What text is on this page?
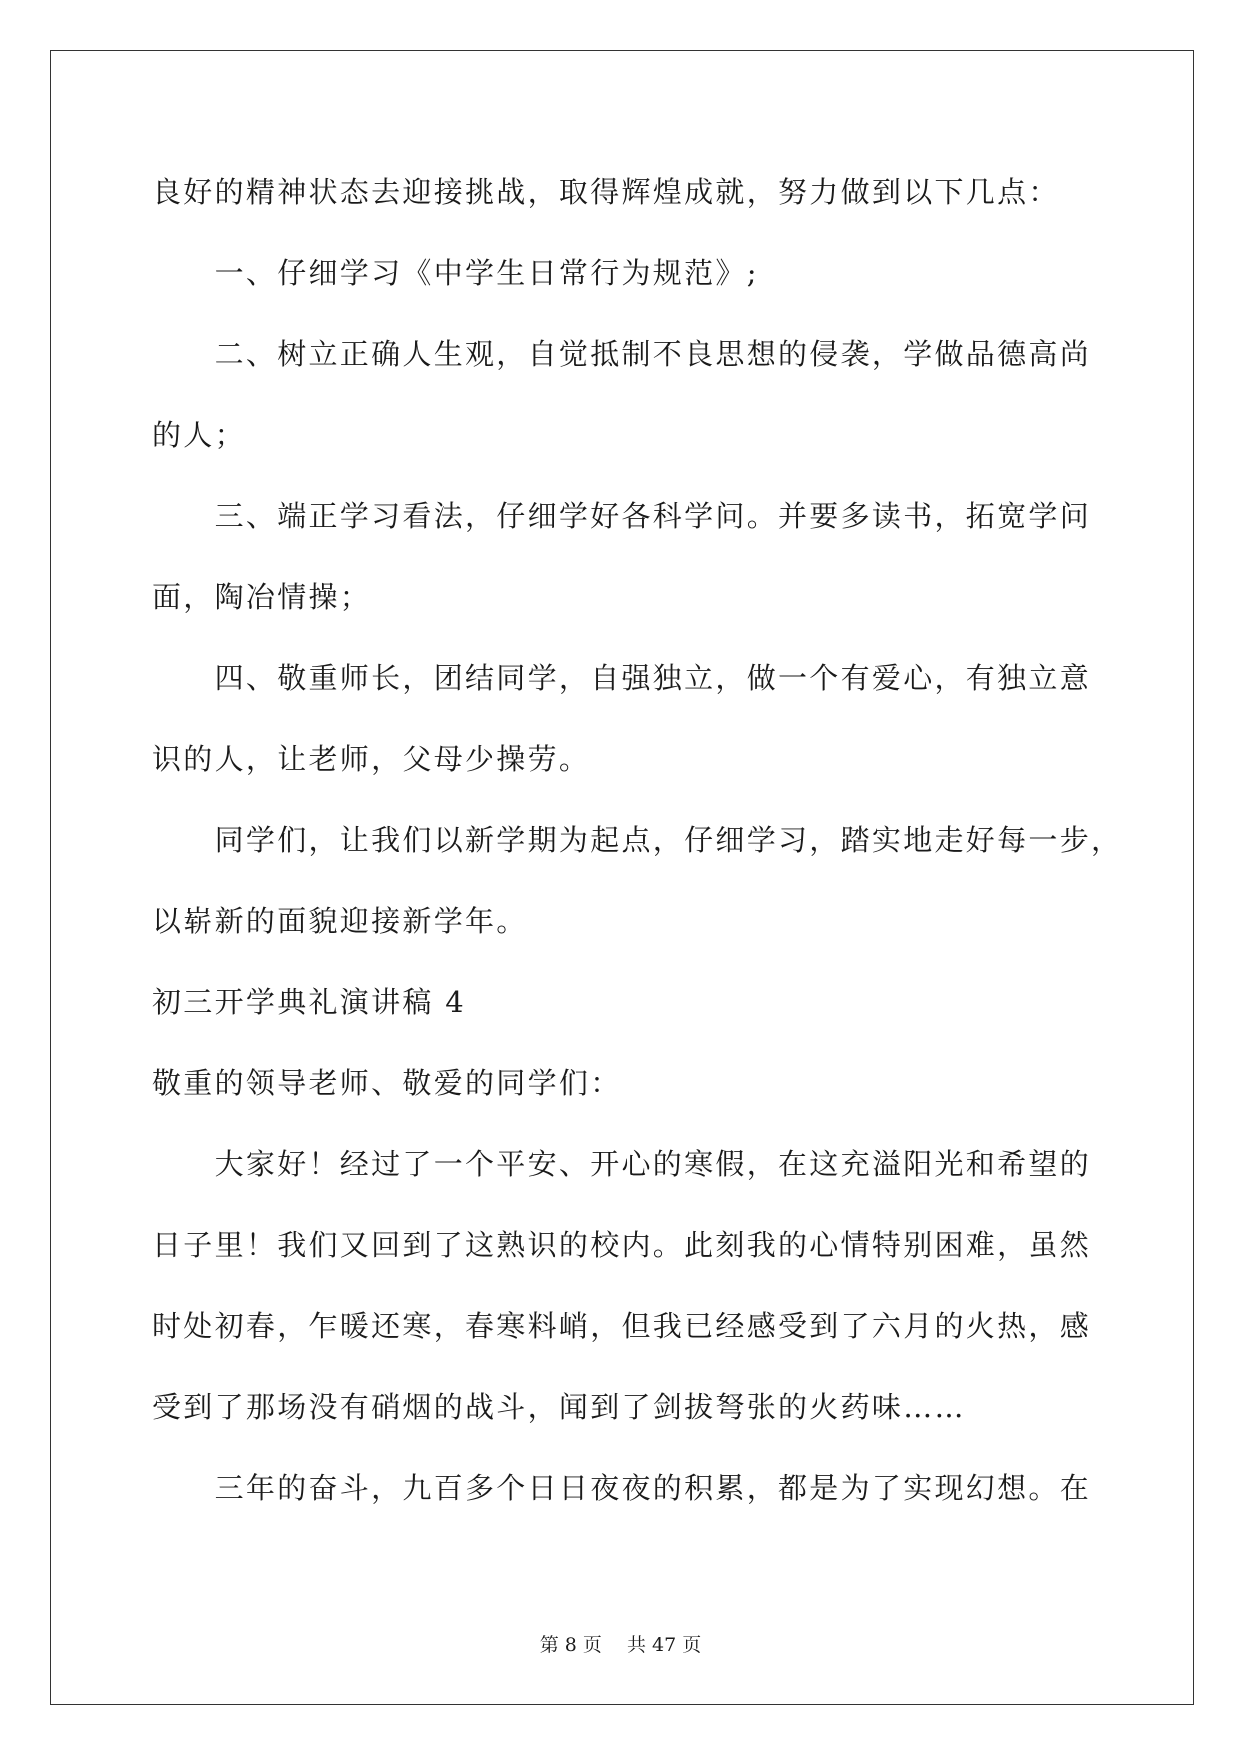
良好的精神状态去迎接挑战，取得辉煌成就，努力做到以下几点：

　　一、仔细学习《中学生日常行为规范》;

　　二、树立正确人生观，自觉抵制不良思想的侵袭，学做品德高尚

的人；

　　三、端正学习看法，仔细学好各科学问。并要多读书，拓宽学问

面，陶冶情操；

　　四、敬重师长，团结同学，自强独立，做一个有爱心，有独立意

识的人，让老师，父母少操劳。

　　同学们，让我们以新学期为起点，仔细学习，踏实地走好每一步，

以崭新的面貌迎接新学年。

初三开学典礼演讲稿 4

敬重的领导老师、敬爱的同学们：

　　大家好！经过了一个平安、开心的寒假，在这充溢阳光和希望的

日子里！我们又回到了这熟识的校内。此刻我的心情特别困难，虽然

时处初春，乍暖还寒，春寒料峭，但我已经感受到了六月的火热，感

受到了那场没有硝烟的战斗，闻到了剑拔弩张的火药味……

　　三年的奋斗，九百多个日日夜夜的积累，都是为了实现幻想。在

第 8 页　 共 47 页
